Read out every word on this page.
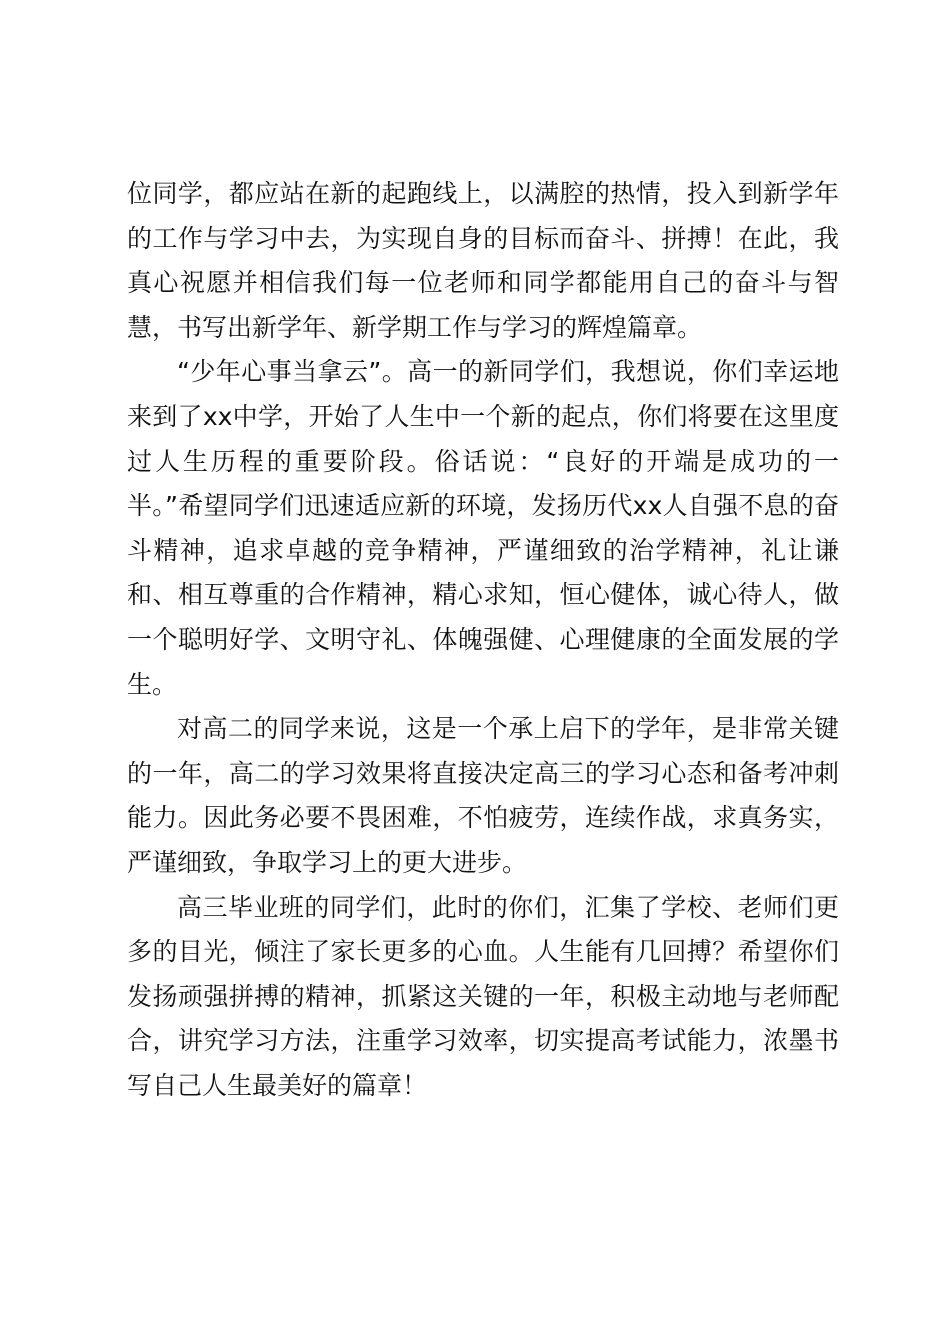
位同学，都应站在新的起跑线上，以满腔的热情，投入到新学年的工作与学习中去，为实现自身的目标而奋斗、拼搏！在此，我真心祝愿并相信我们每一位老师和同学都能用自己的奋斗与智慧，书写出新学年、新学期工作与学习的辉煌篇章。

“少年心事当拿云”。高一的新同学们，我想说，你们幸运地来到了xx中学，开始了人生中一个新的起点，你们将要在这里度过人生历程的重要阶段。俗话说：“良好的开端是成功的一半。”希望同学们迅速适应新的环境，发扬历代xx人自强不息的奋斗精神，追求卓越的竞争精神，严谨细致的治学精神，礼让谦和、相互尊重的合作精神，精心求知，恒心健体，诚心待人，做一个聪明好学、文明守礼、体魄强健、心理健康的全面发展的学生。

对高二的同学来说，这是一个承上启下的学年，是非常关键的一年，高二的学习效果将直接决定高三的学习心态和备考冲刺能力。因此务必要不畏困难，不怕疲劳，连续作战，求真务实，严谨细致，争取学习上的更大进步。

高三毕业班的同学们，此时的你们，汇集了学校、老师们更多的目光，倾注了家长更多的心血。人生能有几回搏？希望你们发扬顽强拼搏的精神，抓紧这关键的一年，积极主动地与老师配合，讲究学习方法，注重学习效率，切实提高考试能力，浓墨书写自己人生最美好的篇章！
